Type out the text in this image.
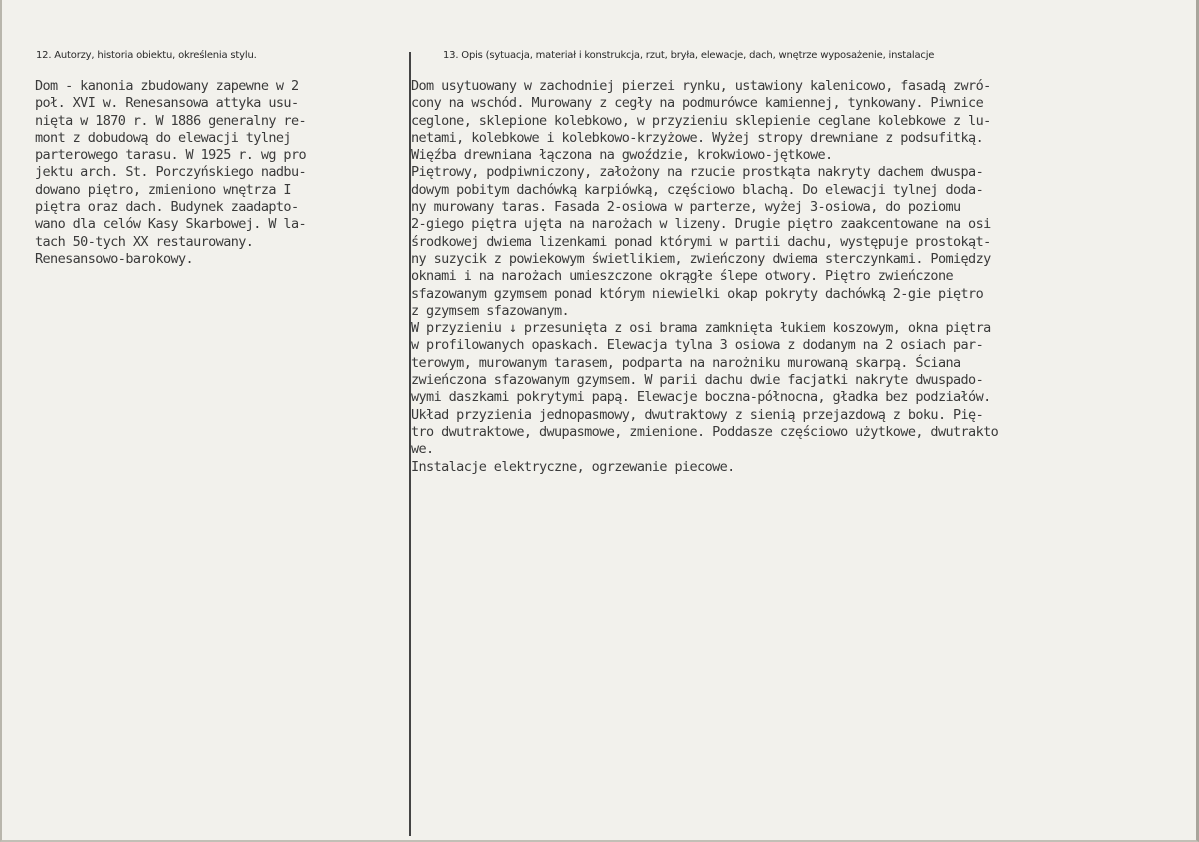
12. Autorzy, historia obiektu, określenia stylu.	13. Opis (sytuacja, materiał i konstrukcja, rzut, bryła, elewacje, dach, wnętrze wyposażenie, instalacje
Dom - kanonia zbudowany zapewne w 2
poł. XVI w. Renesansowa attyka usu-
nięta w 1870 r. W 1886 generalny re-
mont z dobudową do elewacji tylnej
parterowego tarasu. W 1925 r. wg pro
jektu arch. St. Porczyńskiego nadbu-
dowano piętro, zmieniono wnętrza I
piętra oraz dach. Budynek zaadapto-
wano dla celów Kasy Skarbowej. W la-
tach 50-tych XX restaurowany.
Renesansowo-barokowy.
Dom usytuowany w zachodniej pierzei rynku, ustawiony kalenicowo, fasadą zwró-
cony na wschód. Murowany z cegły na podmurówce kamiennej, tynkowany. Piwnice
ceglone, sklepione kolebkowo, w przyzieniu sklepienie ceglane kolebkowe z lu-
netami, kolebkowe i kolebkowo-krzyżowe. Wyżej stropy drewniane z podsufitką.
Więźba drewniana łączona na gwoździe, krokwiowo-jętkowe.
Piętrowy, podpiwniczony, założony na rzucie prostkąta nakryty dachem dwuspa-
dowym pobitym dachówką karpiówką, częściowo blachą. Do elewacji tylnej doda-
ny murowany taras. Fasada 2-osiowa w parterze, wyżej 3-osiowa, do poziomu
2-giego piętra ujęta na narożach w lizeny. Drugie piętro zaakcentowane na osi
środkowej dwiema lizenkami ponad którymi w partii dachu, występuje prostokąt-
ny suzycik z powiekowym świetlikiem, zwieńczony dwiema sterczynkami. Pomiędzy
oknami i na narożach umieszczone okrągłe ślepe otwory. Piętro zwieńczone
sfazowanym gzymsem ponad którym niewielki okap pokryty dachówką 2-gie piętro
z gzymsem sfazowanym.
W przyzieniu ↓ przesunięta z osi brama zamknięta łukiem koszowym, okna piętra
w profilowanych opaskach. Elewacja tylna 3 osiowa z dodanym na 2 osiach par-
terowym, murowanym tarasem, podparta na narożniku murowaną skarpą. Ściana
zwieńczona sfazowanym gzymsem. W parii dachu dwie facjatki nakryte dwuspado-
wymi daszkami pokrytymi papą. Elewacje boczna-północna, gładka bez podziałów.
Układ przyzienia jednopasmowy, dwutraktowy z sienią przejazdową z boku. Pię-
tro dwutraktowe, dwupasmowe, zmienione. Poddasze częściowo użytkowe, dwutrakto
we.
Instalacje elektryczne, ogrzewanie piecowe.
